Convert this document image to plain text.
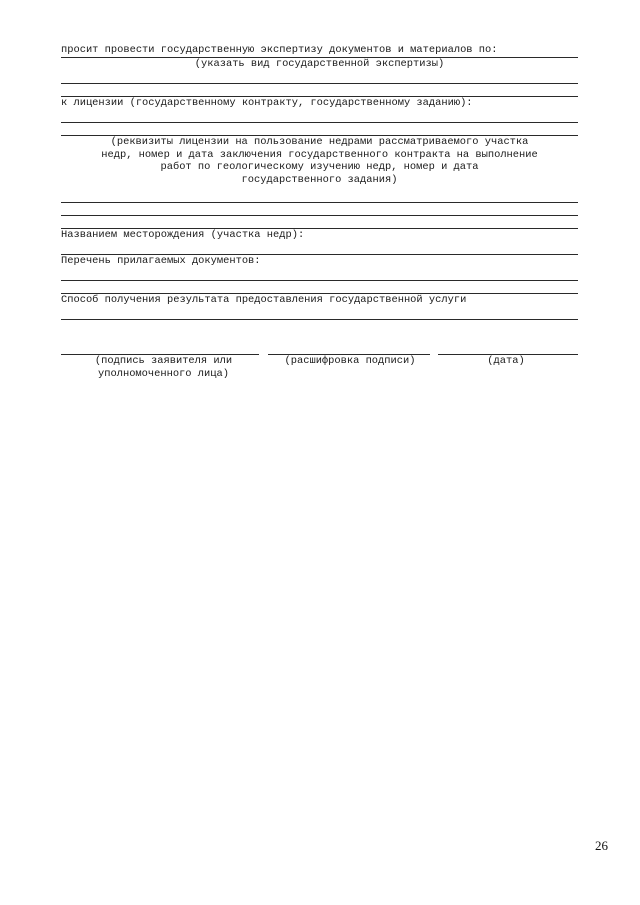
просит провести государственную экспертизу документов и материалов по:
(указать вид государственной экспертизы)
к лицензии (государственному контракту, государственному заданию):
(реквизиты лицензии на пользование недрами рассматриваемого участка
недр, номер и дата заключения государственного контракта на выполнение
работ по геологическому изучению недр, номер и дата
государственного задания)
Названием месторождения (участка недр):
Перечень прилагаемых документов:
Способ получения результата предоставления государственной услуги
(подпись заявителя или
уполномоченного лица)
(расшифровка подписи)	(дата)
26
